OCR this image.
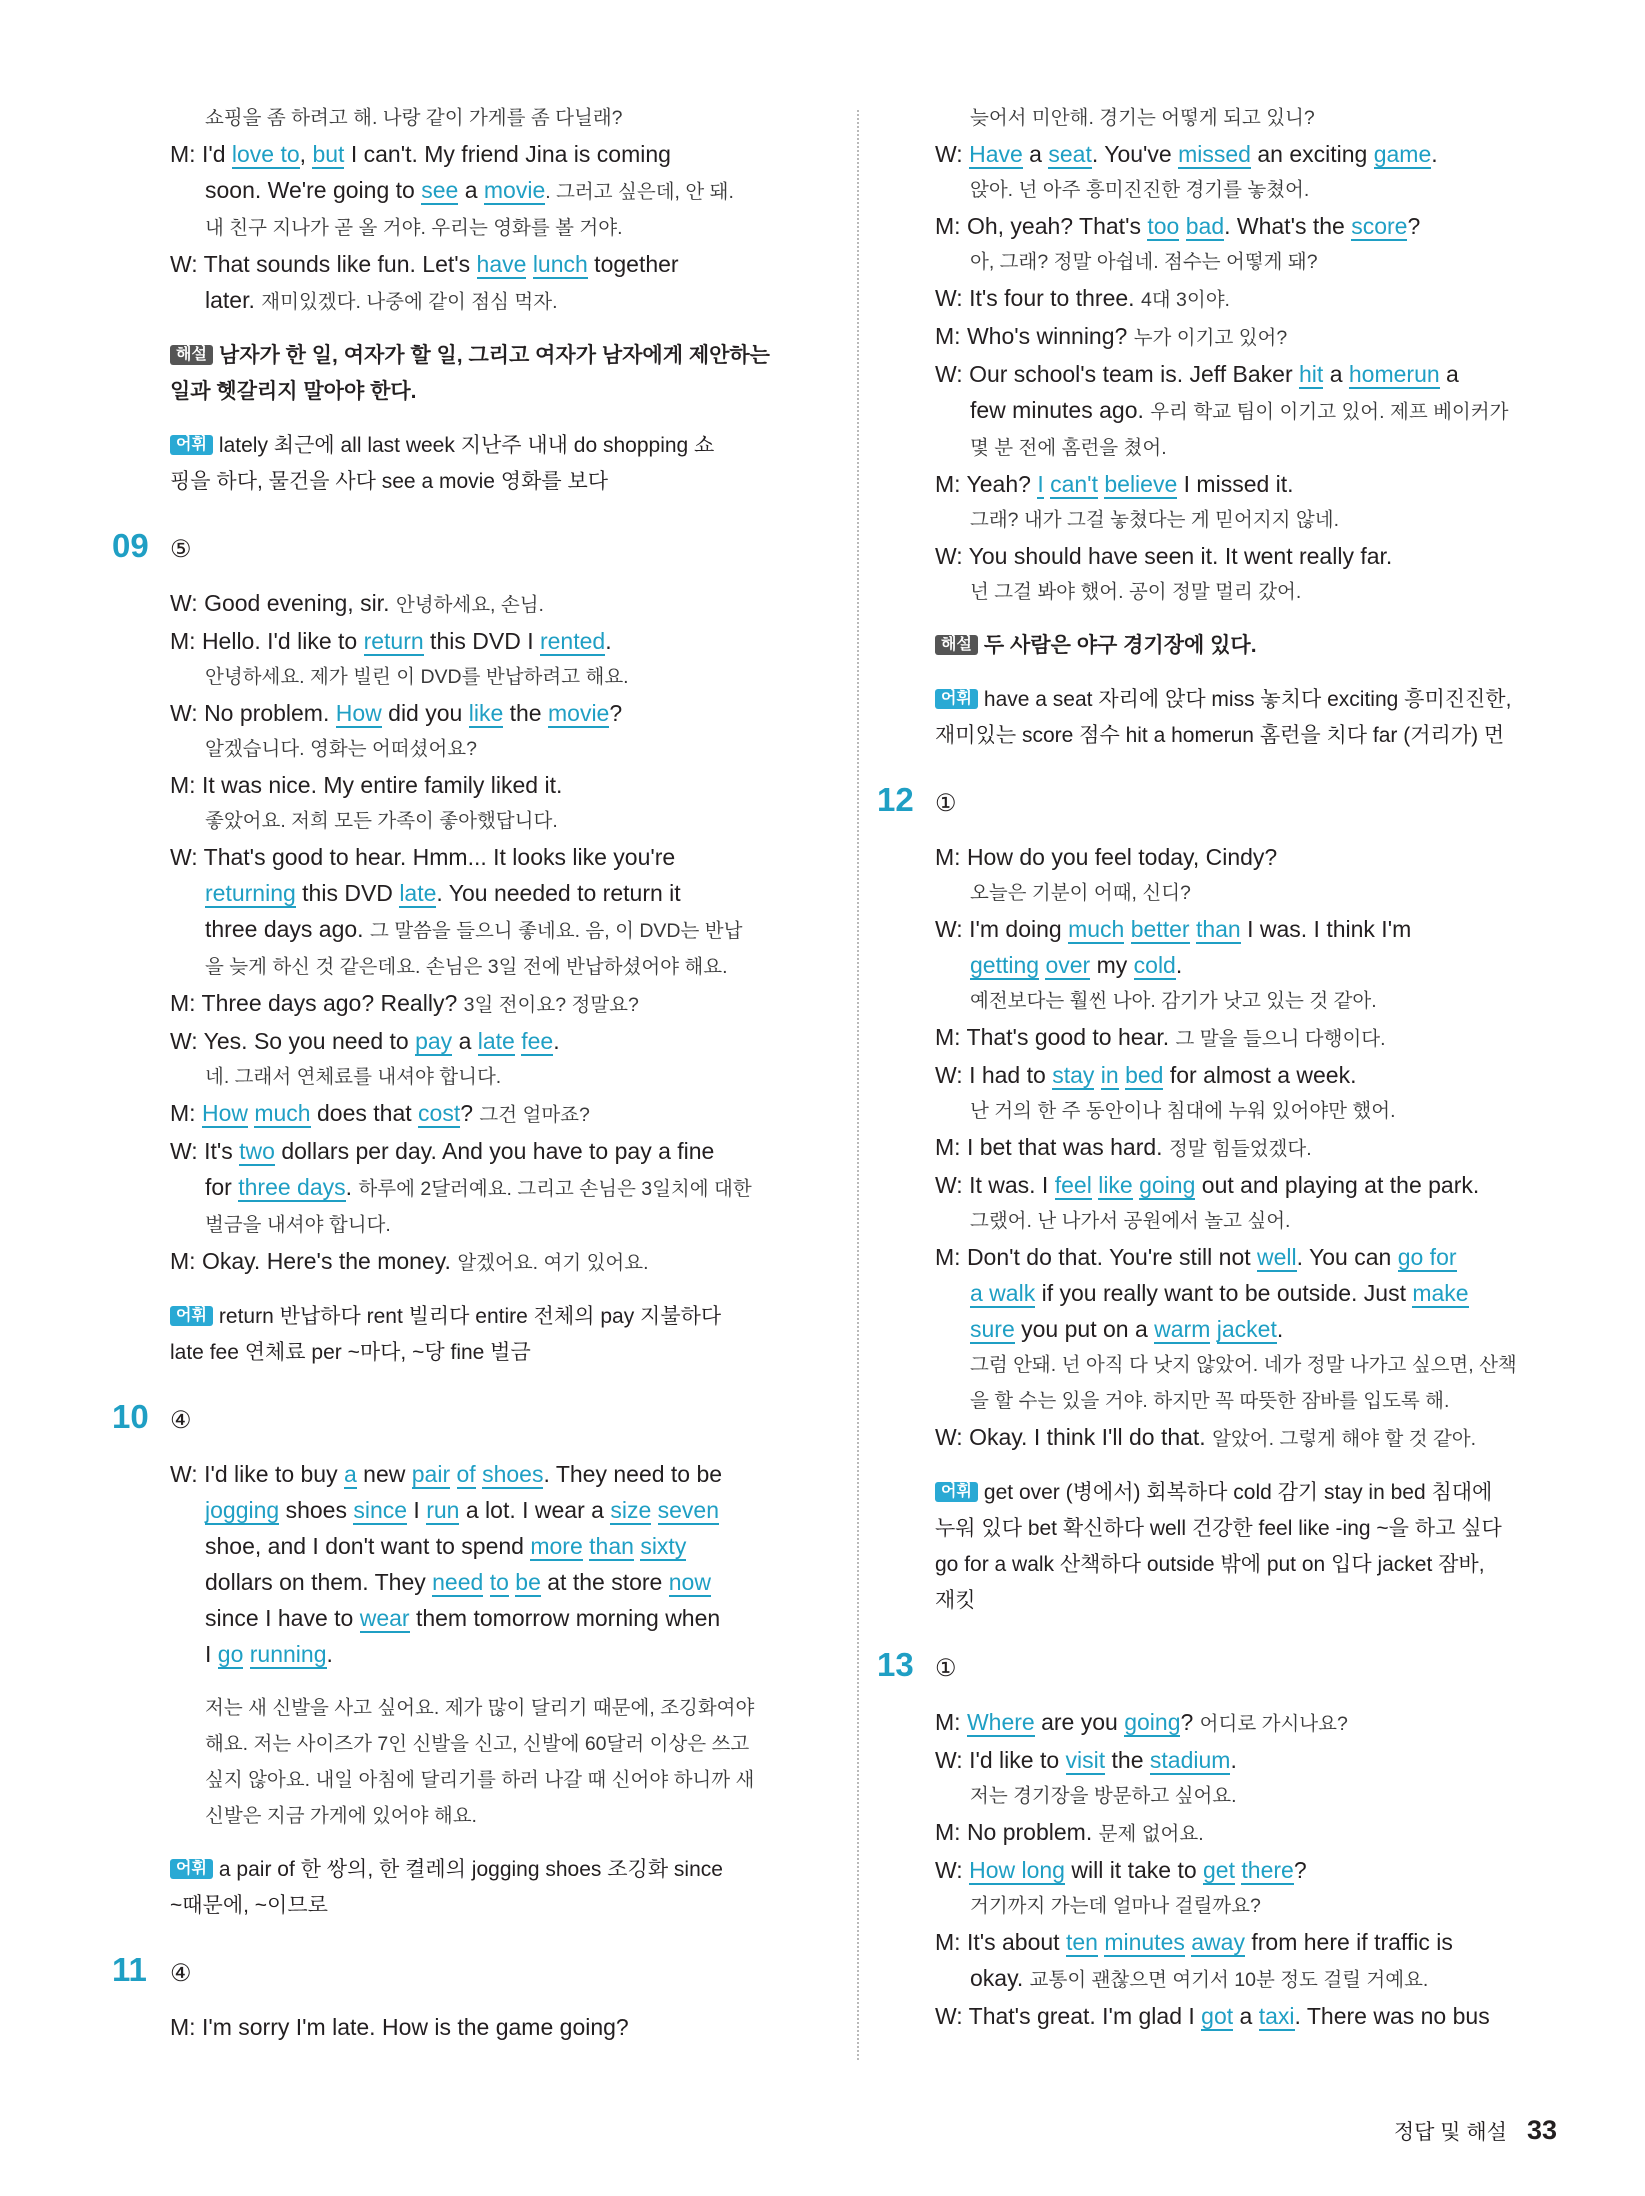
쇼핑을 좀 하려고 해. 나랑 같이 가게를 좀 다닐래?
M: I'd love to, but I can't. My friend Jina is coming
soon. We're going to see a movie. 그러고 싶은데, 안 돼.
내 친구 지나가 곧 올 거야. 우리는 영화를 볼 거야.
W: That sounds like fun. Let's have lunch together
later. 재미있겠다. 나중에 같이 점심 먹자.
해설 남자가 한 일, 여자가 할 일, 그리고 여자가 남자에게 제안하는
일과 헷갈리지 말아야 한다.
어휘 lately 최근에 all last week 지난주 내내 do shopping 쇼
핑을 하다, 물건을 사다 see a movie 영화를 보다
09 ⑤
W: Good evening, sir. 안녕하세요, 손님.
M: Hello. I'd like to return this DVD I rented.
안녕하세요. 제가 빌린 이 DVD를 반납하려고 해요.
W: No problem. How did you like the movie?
알겠습니다. 영화는 어떠셨어요?
M: It was nice. My entire family liked it.
좋았어요. 저희 모든 가족이 좋아했답니다.
W: That's good to hear. Hmm... It looks like you're
returning this DVD late. You needed to return it
three days ago. 그 말씀을 들으니 좋네요. 음, 이 DVD는 반납
을 늦게 하신 것 같은데요. 손님은 3일 전에 반납하셨어야 해요.
M: Three days ago? Really? 3일 전이요? 정말요?
W: Yes. So you need to pay a late fee.
네. 그래서 연체료를 내셔야 합니다.
M: How much does that cost? 그건 얼마죠?
W: It's two dollars per day. And you have to pay a fine
for three days. 하루에 2달러예요. 그리고 손님은 3일치에 대한
벌금을 내셔야 합니다.
M: Okay. Here's the money. 알겠어요. 여기 있어요.
어휘 return 반납하다 rent 빌리다 entire 전체의 pay 지불하다
late fee 연체료 per ~마다, ~당 fine 벌금
10 ④
W: I'd like to buy a new pair of shoes. They need to be
jogging shoes since I run a lot. I wear a size seven
shoe, and I don't want to spend more than sixty
dollars on them. They need to be at the store now
since I have to wear them tomorrow morning when
I go running.
저는 새 신발을 사고 싶어요. 제가 많이 달리기 때문에, 조깅화여야
해요. 저는 사이즈가 7인 신발을 신고, 신발에 60달러 이상은 쓰고
싶지 않아요. 내일 아침에 달리기를 하러 나갈 때 신어야 하니까 새
신발은 지금 가게에 있어야 해요.
어휘 a pair of 한 쌍의, 한 켤레의 jogging shoes 조깅화 since
~때문에, ~이므로
11 ④
M: I'm sorry I'm late. How is the game going?
늦어서 미안해. 경기는 어떻게 되고 있니?
W: Have a seat. You've missed an exciting game.
앉아. 넌 아주 흥미진진한 경기를 놓쳤어.
M: Oh, yeah? That's too bad. What's the score?
아, 그래? 정말 아쉽네. 점수는 어떻게 돼?
W: It's four to three. 4대 3이야.
M: Who's winning? 누가 이기고 있어?
W: Our school's team is. Jeff Baker hit a homerun a
few minutes ago. 우리 학교 팀이 이기고 있어. 제프 베이커가
몇 분 전에 홈런을 쳤어.
M: Yeah? I can't believe I missed it.
그래? 내가 그걸 놓쳤다는 게 믿어지지 않네.
W: You should have seen it. It went really far.
넌 그걸 봐야 했어. 공이 정말 멀리 갔어.
해설 두 사람은 야구 경기장에 있다.
어휘 have a seat 자리에 앉다 miss 놓치다 exciting 흥미진진한,
재미있는 score 점수 hit a homerun 홈런을 치다 far (거리가) 먼
12 ①
M: How do you feel today, Cindy?
오늘은 기분이 어때, 신디?
W: I'm doing much better than I was. I think I'm
getting over my cold.
예전보다는 훨씬 나아. 감기가 낫고 있는 것 같아.
M: That's good to hear. 그 말을 들으니 다행이다.
W: I had to stay in bed for almost a week.
난 거의 한 주 동안이나 침대에 누워 있어야만 했어.
M: I bet that was hard. 정말 힘들었겠다.
W: It was. I feel like going out and playing at the park.
그랬어. 난 나가서 공원에서 놀고 싶어.
M: Don't do that. You're still not well. You can go for
a walk if you really want to be outside. Just make
sure you put on a warm jacket.
그럼 안돼. 넌 아직 다 낫지 않았어. 네가 정말 나가고 싶으면, 산책
을 할 수는 있을 거야. 하지만 꼭 따뜻한 잠바를 입도록 해.
W: Okay. I think I'll do that. 알았어. 그렇게 해야 할 것 같아.
어휘 get over (병에서) 회복하다 cold 감기 stay in bed 침대에
누워 있다 bet 확신하다 well 건강한 feel like -ing ~을 하고 싶다
go for a walk 산책하다 outside 밖에 put on 입다 jacket 잠바,
재킷
13 ①
M: Where are you going? 어디로 가시나요?
W: I'd like to visit the stadium.
저는 경기장을 방문하고 싶어요.
M: No problem. 문제 없어요.
W: How long will it take to get there?
거기까지 가는데 얼마나 걸릴까요?
M: It's about ten minutes away from here if traffic is
okay. 교통이 괜찮으면 여기서 10분 정도 걸릴 거예요.
W: That's great. I'm glad I got a taxi. There was no bus
정답 및 해설 33
